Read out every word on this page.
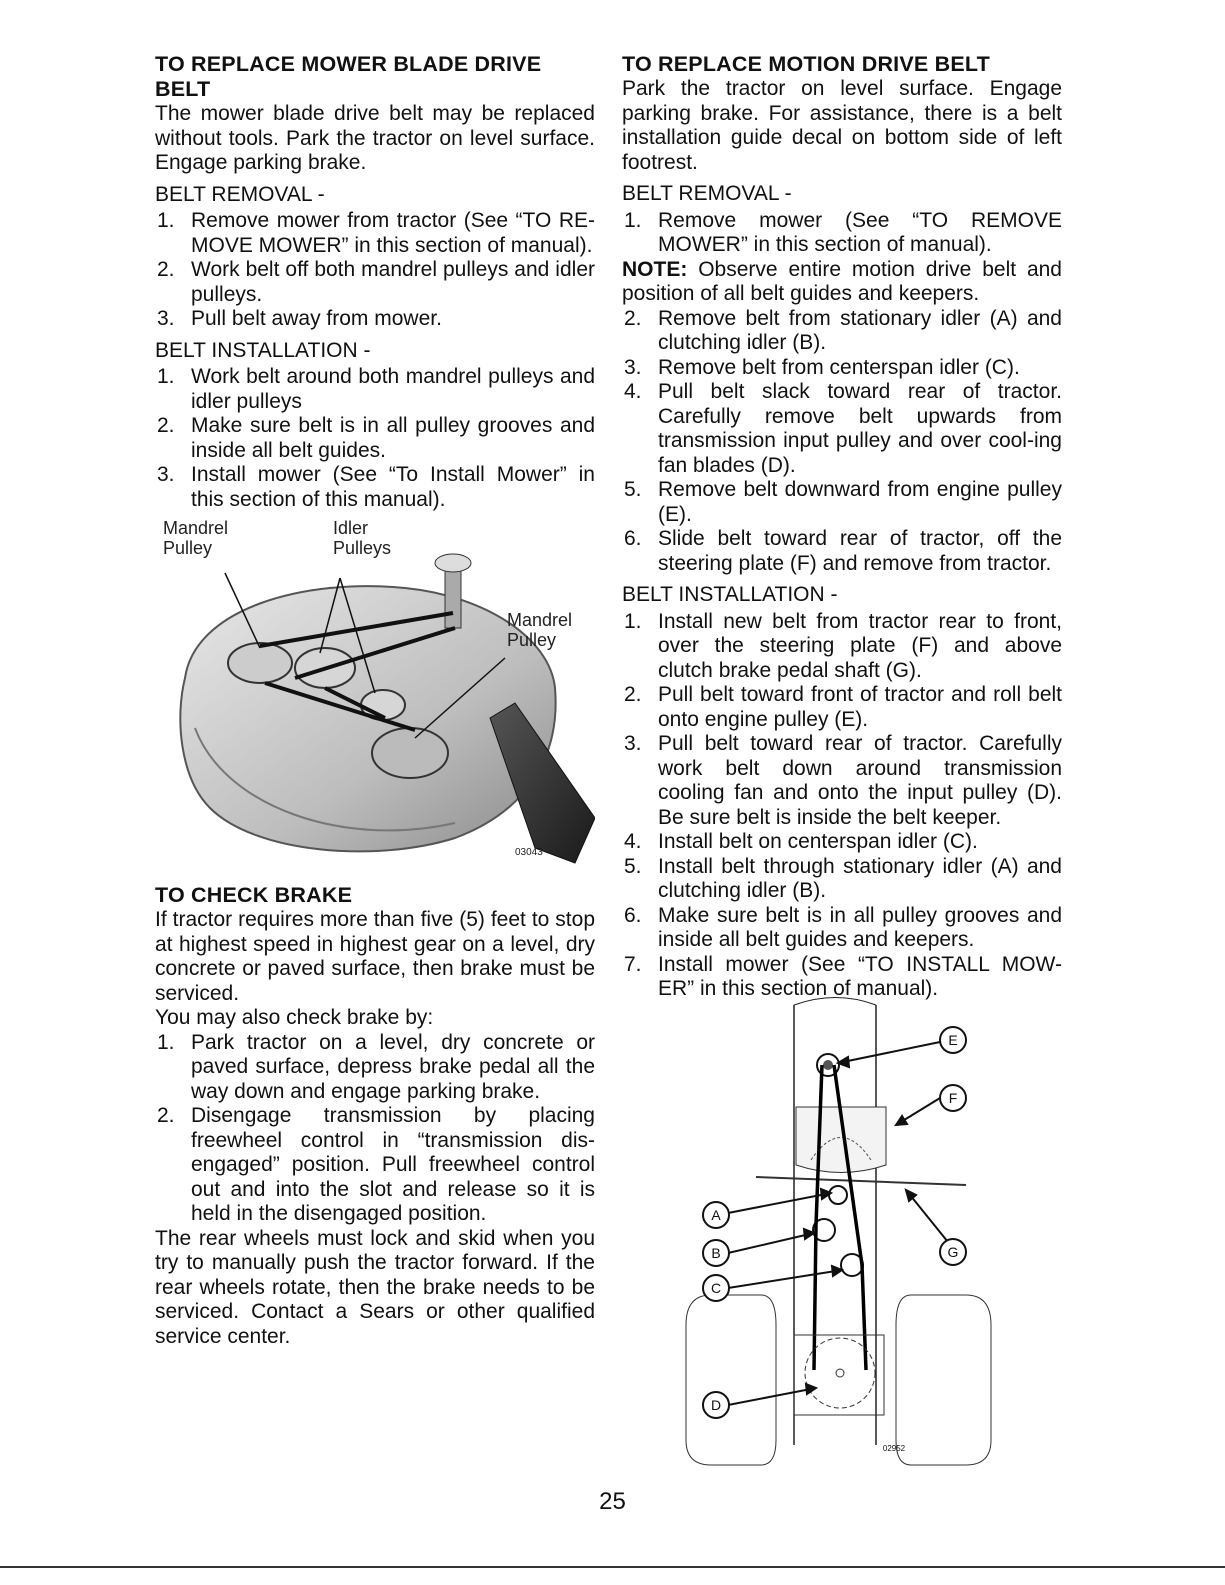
TO REPLACE MOWER BLADE DRIVE BELT

The mower blade drive belt may be replaced without tools. Park the tractor on level surface. Engage parking brake.

BELT REMOVAL -
1. Remove mower from tractor (See “TO RE-MOVE MOWER” in this section of manual).
2. Work belt off both mandrel pulleys and idler pulleys.
3. Pull belt away from mower.
BELT INSTALLATION -
1. Work belt around both mandrel pulleys and idler pulleys
2. Make sure belt is in all pulley grooves and inside all belt guides.
3. Install mower (See “To Install Mower” in this section of this manual).
Mandrel Pulley
Idler Pulleys
Mandrel Pulley
03043
TO CHECK BRAKE

If tractor requires more than five (5) feet to stop at highest speed in highest gear on a level, dry concrete or paved surface, then brake must be serviced.

You may also check brake by:

1. Park tractor on a level, dry concrete or paved surface, depress brake pedal all the way down and engage parking brake.
2. Disengage transmission by placing freewheel control in “transmission dis-engaged” position. Pull freewheel control out and into the slot and release so it is held in the disengaged position.

The rear wheels must lock and skid when you try to manually push the tractor forward. If the rear wheels rotate, then the brake needs to be serviced. Contact a Sears or other qualified service center.

TO REPLACE MOTION DRIVE BELT

Park the tractor on level surface. Engage parking brake. For assistance, there is a belt installation guide decal on bottom side of left footrest.

BELT REMOVAL -
1. Remove mower (See “TO REMOVE MOWER” in this section of manual).

NOTE: Observe entire motion drive belt and position of all belt guides and keepers.

2. Remove belt from stationary idler (A) and clutching idler (B).
3. Remove belt from centerspan idler (C).
4. Pull belt slack toward rear of tractor. Carefully remove belt upwards from transmission input pulley and over cool-ing fan blades (D).
5. Remove belt downward from engine pulley (E).
6. Slide belt toward rear of tractor, off the steering plate (F) and remove from tractor.
BELT INSTALLATION -
1. Install new belt from tractor rear to front, over the steering plate (F) and above clutch brake pedal shaft (G).
2. Pull belt toward front of tractor and roll belt onto engine pulley (E).
3. Pull belt toward rear of tractor. Carefully work belt down around transmission cooling fan and onto the input pulley (D). Be sure belt is inside the belt keeper.
4. Install belt on centerspan idler (C).
5. Install belt through stationary idler (A) and clutching idler (B).
6. Make sure belt is in all pulley grooves and inside all belt guides and keepers.
7. Install mower (See “TO INSTALL MOW-ER” in this section of manual).
E
F
A
B	G
C
D
02952
25
